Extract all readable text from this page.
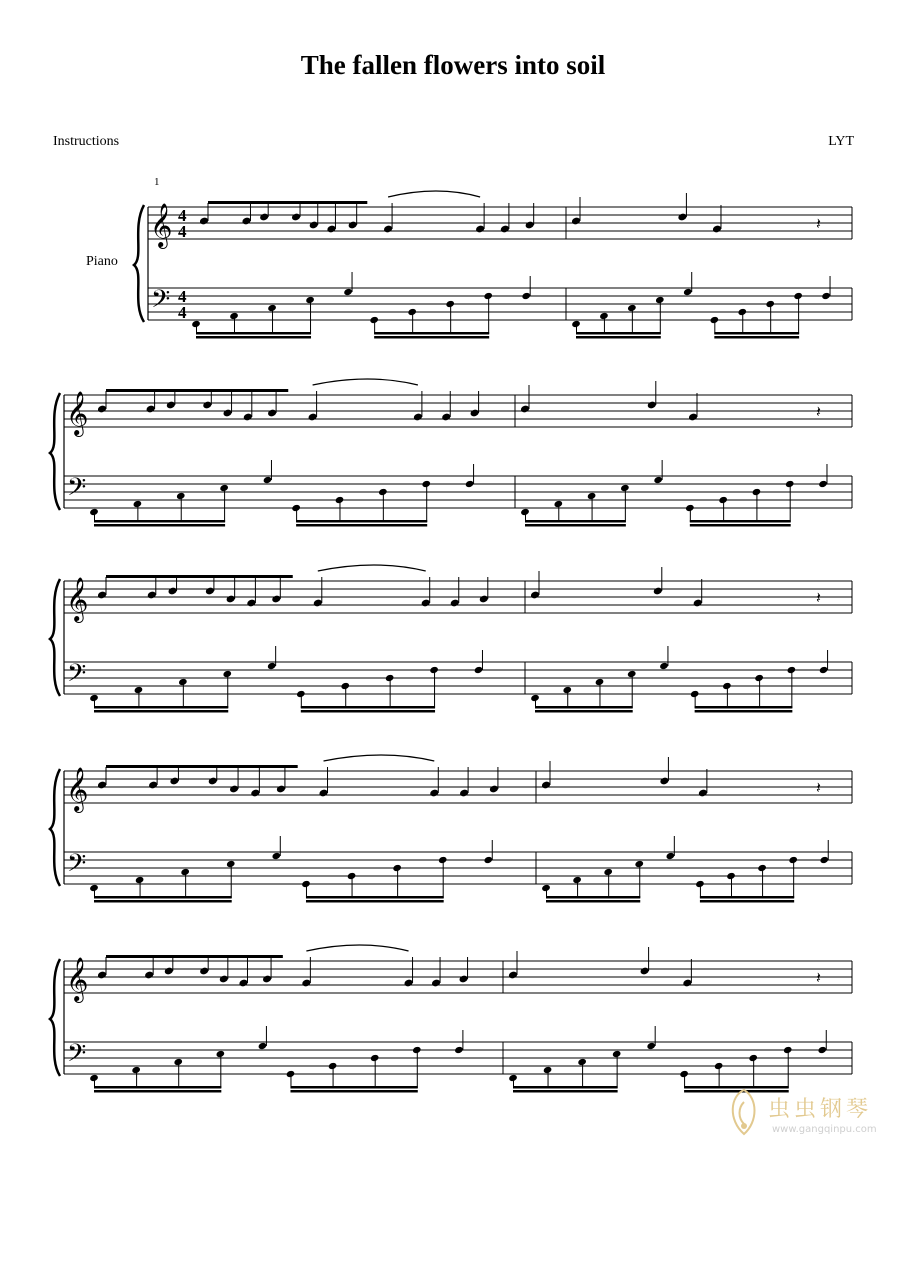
The fallen flowers into soil
Instructions	LYT
1
𝄞
𝄢
4
4
4
4
Piano
𝄽
𝄞
𝄢
𝄽
𝄞
𝄢
𝄽
𝄞
𝄢
𝄽
𝄞
𝄢
𝄽
虫虫钢琴
www.gangqinpu.com
